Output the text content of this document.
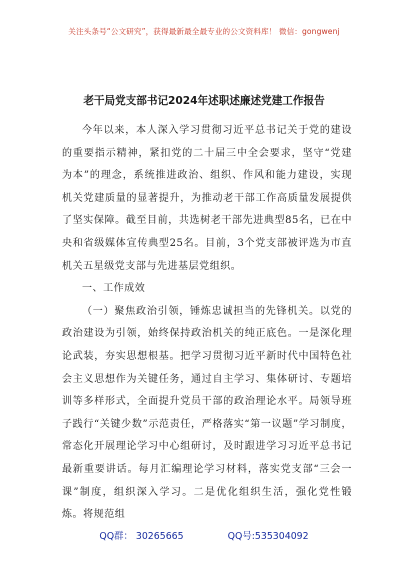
关注头条号“公文研究”，获得最新最全最专业的公文资料库！ 微信：gongwenj
老干局党支部书记2024年述职述廉述党建工作报告

今年以来，本人深入学习贯彻习近平总书记关于党的建设的重要指示精神，紧扣党的二十届三中全会要求，坚守“党建为本”的理念，系统推进政治、组织、作风和能力建设，实现机关党建质量的显著提升，为推动老干部工作高质量发展提供了坚实保障。截至目前，共选树老干部先进典型85名，已在中央和省级媒体宣传典型25名。目前，3个党支部被评选为市直机关五星级党支部与先进基层党组织。

一、工作成效

（一）聚焦政治引领，锤炼忠诚担当的先锋机关。以党的政治建设为引领，始终保持政治机关的纯正底色。一是深化理论武装，夯实思想根基。把学习贯彻习近平新时代中国特色社会主义思想作为关键任务，通过自主学习、集体研讨、专题培训等多样形式，全面提升党员干部的政治理论水平。局领导班子践行“关键少数”示范责任，严格落实“第一议题”学习制度，常态化开展理论学习中心组研讨，及时跟进学习习近平总书记最新重要讲话。每月汇编理论学习材料，落实党支部“三会一课”制度，组织深入学习。二是优化组织生活，强化党性锻炼。将规范组

QQ群： 30265665	QQ号:535304092
